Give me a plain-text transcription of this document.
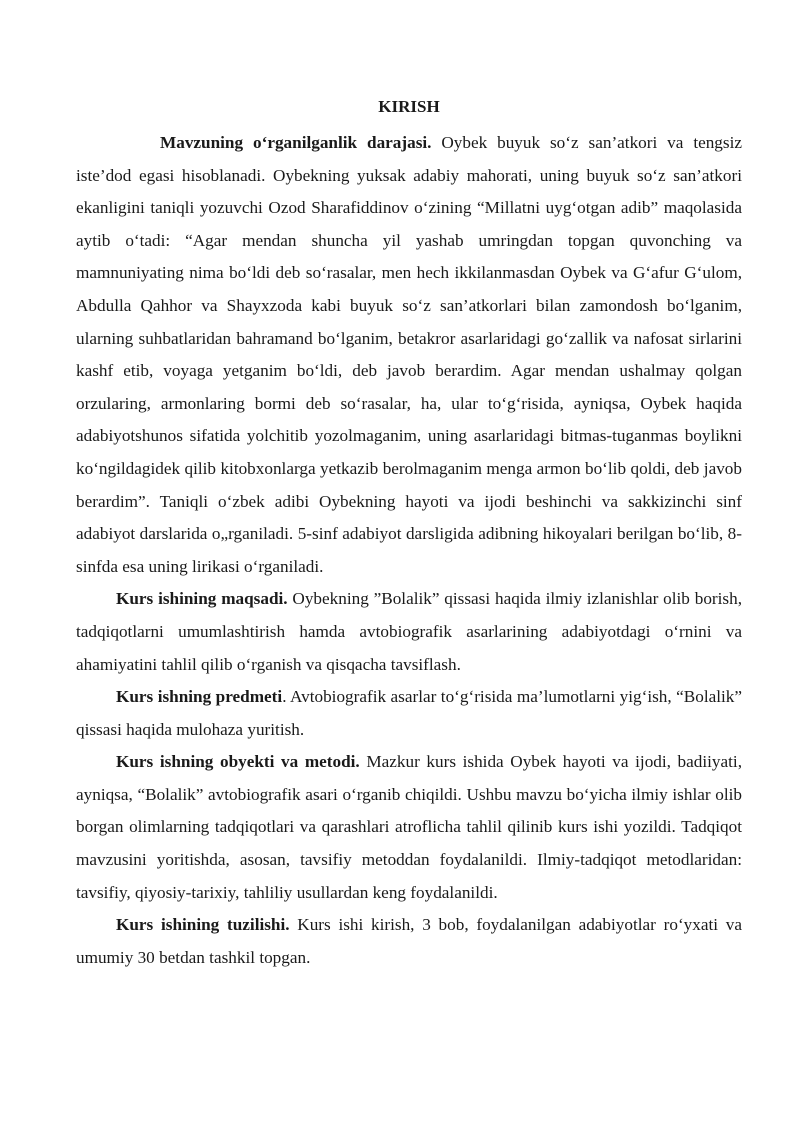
KIRISH

Mavzuning o‘rganilganlik darajasi. Oybek buyuk so‘z san’atkori va tengsiz iste’dod egasi hisoblanadi. Oybekning yuksak adabiy mahorati, uning buyuk so‘z san’atkori ekanligini taniqli yozuvchi Ozod Sharafiddinov o‘zining “Millatni uyg‘otgan adib” maqolasida aytib o‘tadi: “Agar mendan shuncha yil yashab umringdan topgan quvonching va mamnuniyating nima bo‘ldi deb so‘rasalar, men hech ikkilanmasdan Oybek va G‘afur G‘ulom, Abdulla Qahhor va Shayxzoda kabi buyuk so‘z san’atkorlari bilan zamondosh bo‘lganim, ularning suhbatlaridan bahramand bo‘lganim, betakror asarlaridagi go‘zallik va nafosat sirlarini kashf etib, voyaga yetganim bo‘ldi, deb javob berardim. Agar mendan ushalmay qolgan orzularing, armonlaring bormi deb so‘rasalar, ha, ular to‘g‘risida, ayniqsa, Oybek haqida adabiyotshunos sifatida yolchitib yozolmaganim, uning asarlaridagi bitmas-tuganmas boylikni ko‘ngildagidek qilib kitobxonlarga yetkazib berolmaganim menga armon bo‘lib qoldi, deb javob berardim”. Taniqli o‘zbek adibi Oybekning hayoti va ijodi beshinchi va sakkizinchi sinf adabiyot darslarida o„rganiladi. 5-sinf adabiyot darsligida adibning hikoyalari berilgan bo‘lib, 8-sinfda esa uning lirikasi o‘rganiladi.

Kurs ishining maqsadi. Oybekning ”Bolalik” qissasi haqida ilmiy izlanishlar olib borish, tadqiqotlarni umumlashtirish hamda avtobiografik asarlarining adabiyotdagi o‘rnini va ahamiyatini tahlil qilib o‘rganish va qisqacha tavsiflash.

Kurs ishning predmeti. Avtobiografik asarlar to‘g‘risida ma’lumotlarni yig‘ish, “Bolalik” qissasi haqida mulohaza yuritish.

Kurs ishning obyekti va metodi. Mazkur kurs ishida Oybek hayoti va ijodi, badiiyati, ayniqsa, “Bolalik” avtobiografik asari o‘rganib chiqildi. Ushbu mavzu bo‘yicha ilmiy ishlar olib borgan olimlarning tadqiqotlari va qarashlari atroflicha tahlil qilinib kurs ishi yozildi. Tadqiqot mavzusini yoritishda, asosan, tavsifiy metoddan foydalanildi. Ilmiy-tadqiqot metodlaridan: tavsifiy, qiyosiy-tarixiy, tahliliy usullardan keng foydalanildi.

Kurs ishining tuzilishi. Kurs ishi kirish, 3 bob, foydalanilgan adabiyotlar ro‘yxati va umumiy 30 betdan tashkil topgan.
